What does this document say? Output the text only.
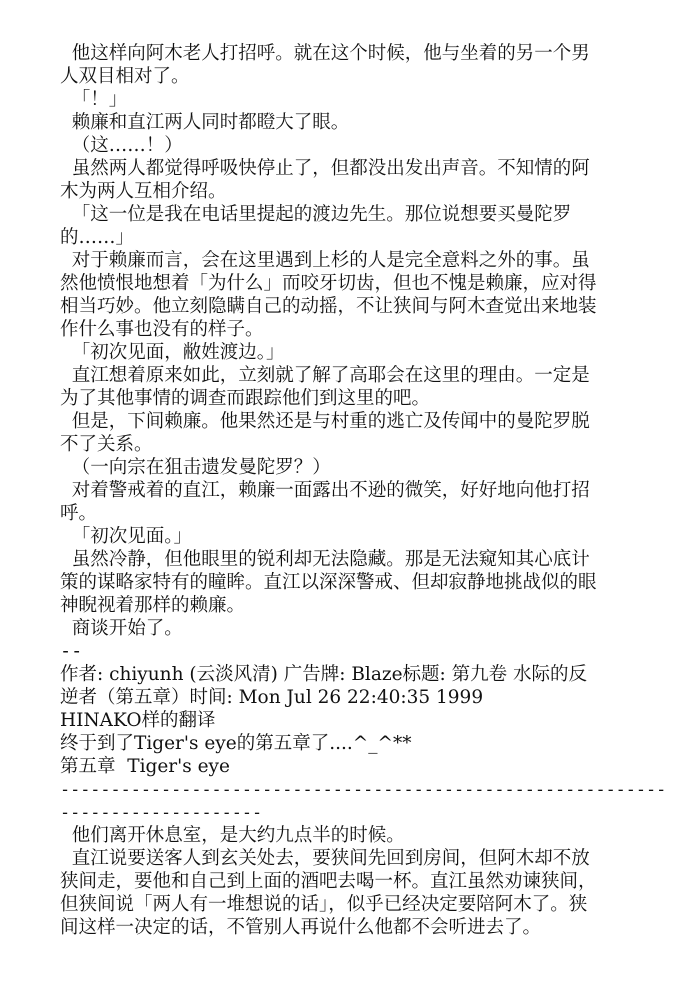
他这样向阿木老人打招呼。就在这个时候，他与坐着的另一个男
人双目相对了。
「！」
赖廉和直江两人同时都瞪大了眼。
（这……！）
虽然两人都觉得呼吸快停止了，但都没出发出声音。不知情的阿
木为两人互相介绍。
「这一位是我在电话里提起的渡边先生。那位说想要买曼陀罗
的……」
对于赖廉而言，会在这里遇到上杉的人是完全意料之外的事。虽
然他愤恨地想着「为什么」而咬牙切齿，但也不愧是赖廉，应对得
相当巧妙。他立刻隐瞒自己的动摇，不让狭间与阿木查觉出来地装
作什么事也没有的样子。
「初次见面，敝姓渡边。」
直江想着原来如此，立刻就了解了高耶会在这里的理由。一定是
为了其他事情的调查而跟踪他们到这里的吧。
但是，下间赖廉。他果然还是与村重的逃亡及传闻中的曼陀罗脱
不了关系。
（一向宗在狙击遗发曼陀罗？）
对着警戒着的直江，赖廉一面露出不逊的微笑，好好地向他打招
呼。
「初次见面。」
虽然冷静，但他眼里的锐利却无法隐藏。那是无法窥知其心底计
策的谋略家特有的瞳眸。直江以深深警戒、但却寂静地挑战似的眼
神睨视着那样的赖廉。
商谈开始了。
--
作者: chiyunh (云淡风清) 广告牌: Blaze标题: 第九卷 水际的反
逆者（第五章）时间: Mon Jul 26 22:40:35 1999
HINAKO样的翻译
终于到了Tiger's eye的第五章了....^_^**
第五章  Tiger's eye
------------------------------------------------------------
--------------------
他们离开休息室，是大约九点半的时候。
直江说要送客人到玄关处去，要狭间先回到房间，但阿木却不放
狭间走，要他和自己到上面的酒吧去喝一杯。直江虽然劝谏狭间，
但狭间说「两人有一堆想说的话」，似乎已经决定要陪阿木了。狭
间这样一决定的话，不管别人再说什么他都不会听进去了。
